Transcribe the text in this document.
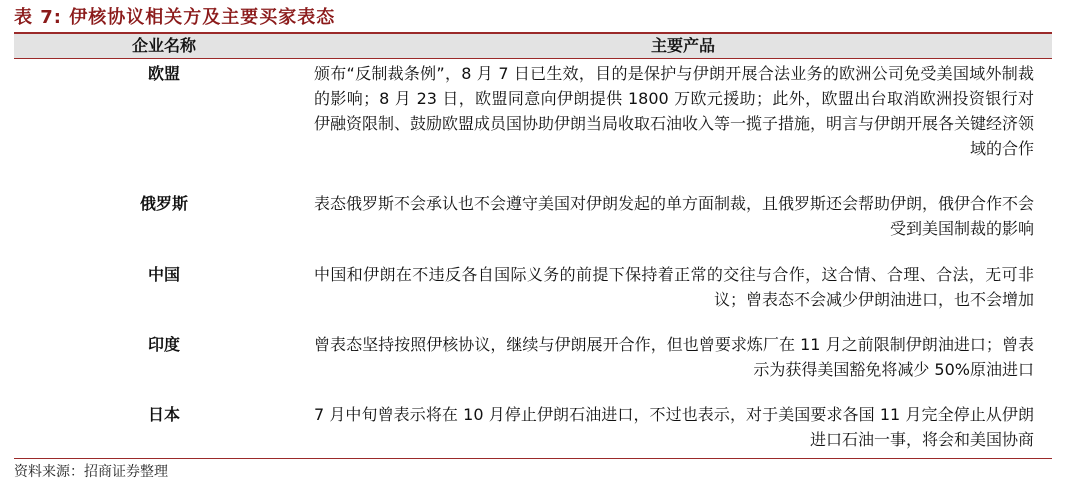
表 7: 伊核协议相关方及主要买家表态
企业名称	主要产品
欧盟	颁布“反制裁条例”，8 月 7 日已生效，目的是保护与伊朗开展合法业务的欧洲公司免受美国域外制裁的影响；8 月 23 日，欧盟同意向伊朗提供 1800 万欧元援助；此外，欧盟出台取消欧洲投资银行对伊融资限制、鼓励欧盟成员国协助伊朗当局收取石油收入等一揽子措施，明言与伊朗开展各关键经济领域的合作
俄罗斯	表态俄罗斯不会承认也不会遵守美国对伊朗发起的单方面制裁，且俄罗斯还会帮助伊朗，俄伊合作不会受到美国制裁的影响
中国	中国和伊朗在不违反各自国际义务的前提下保持着正常的交往与合作，这合情、合理、合法，无可非议；曾表态不会减少伊朗油进口，也不会增加
印度	曾表态坚持按照伊核协议，继续与伊朗展开合作，但也曾要求炼厂在 11 月之前限制伊朗油进口；曾表示为获得美国豁免将减少 50%原油进口
日本	7 月中旬曾表示将在 10 月停止伊朗石油进口，不过也表示，对于美国要求各国 11 月完全停止从伊朗进口石油一事，将会和美国协商
资料来源：招商证券整理
